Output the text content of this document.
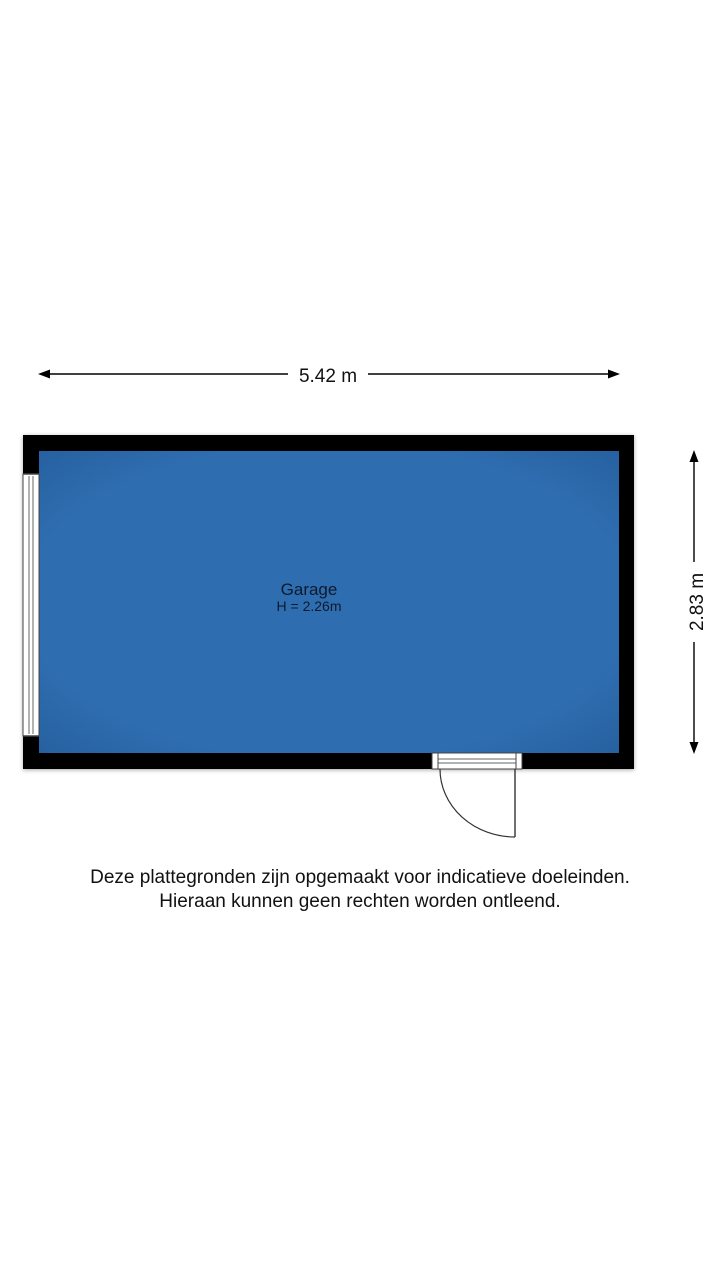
5.42 m
2.83 m
Garage
H = 2.26m
Deze plattegronden zijn opgemaakt voor indicatieve doeleinden.
Hieraan kunnen geen rechten worden ontleend.
